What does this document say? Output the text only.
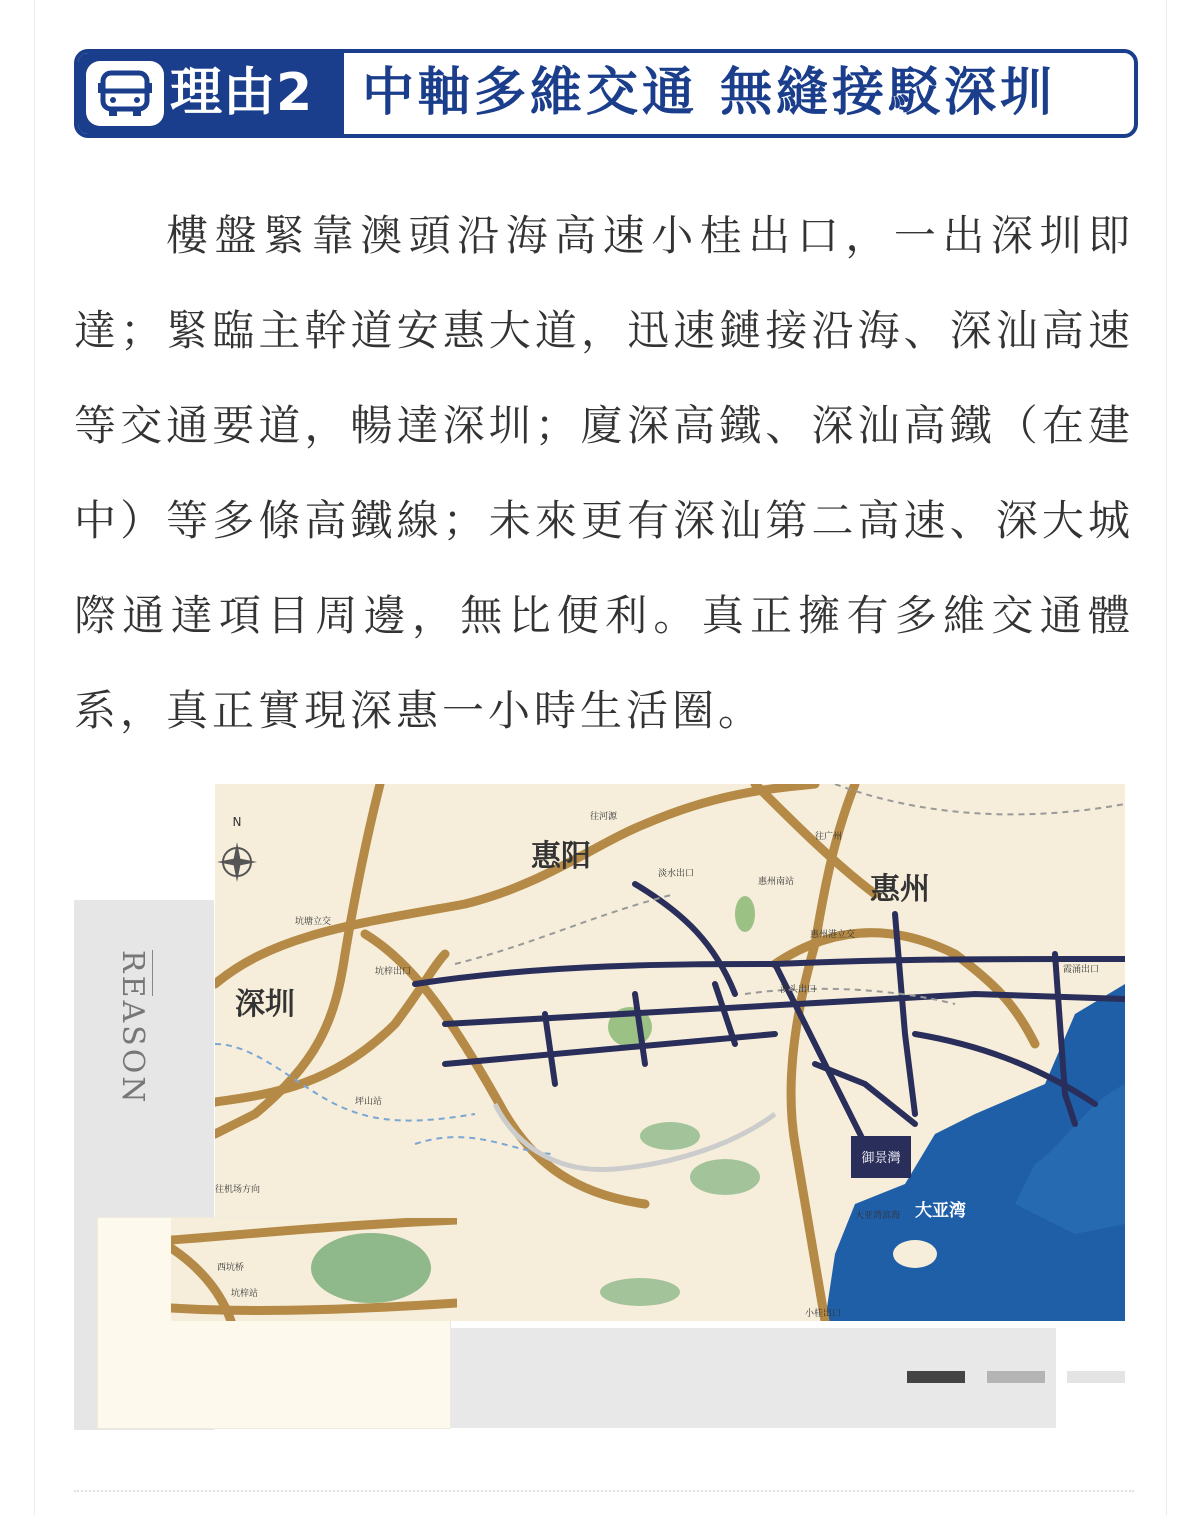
理由2 中軸多維交通 無縫接駁深圳

樓盤緊靠澳頭沿海高速小桂出口，一出深圳即達；緊臨主幹道安惠大道，迅速鏈接沿海、深汕高速等交通要道，暢達深圳；廈深高鐵、深汕高鐵（在建中）等多條高鐵線；未來更有深汕第二高速、深大城際通達項目周邊，無比便利。真正擁有多維交通體系，真正實現深惠一小時生活圈。

REASON
御景灣
N
惠阳
惠州
深圳
大亚湾
往河源
往广州
往机场方向
淡水出口
坪山站
坑梓出口
坑塘立交
惠州南站
惠州港立交
澳头出口
小桂出口
霞涌出口
大亚湾滨海
西坑桥
坑梓站
